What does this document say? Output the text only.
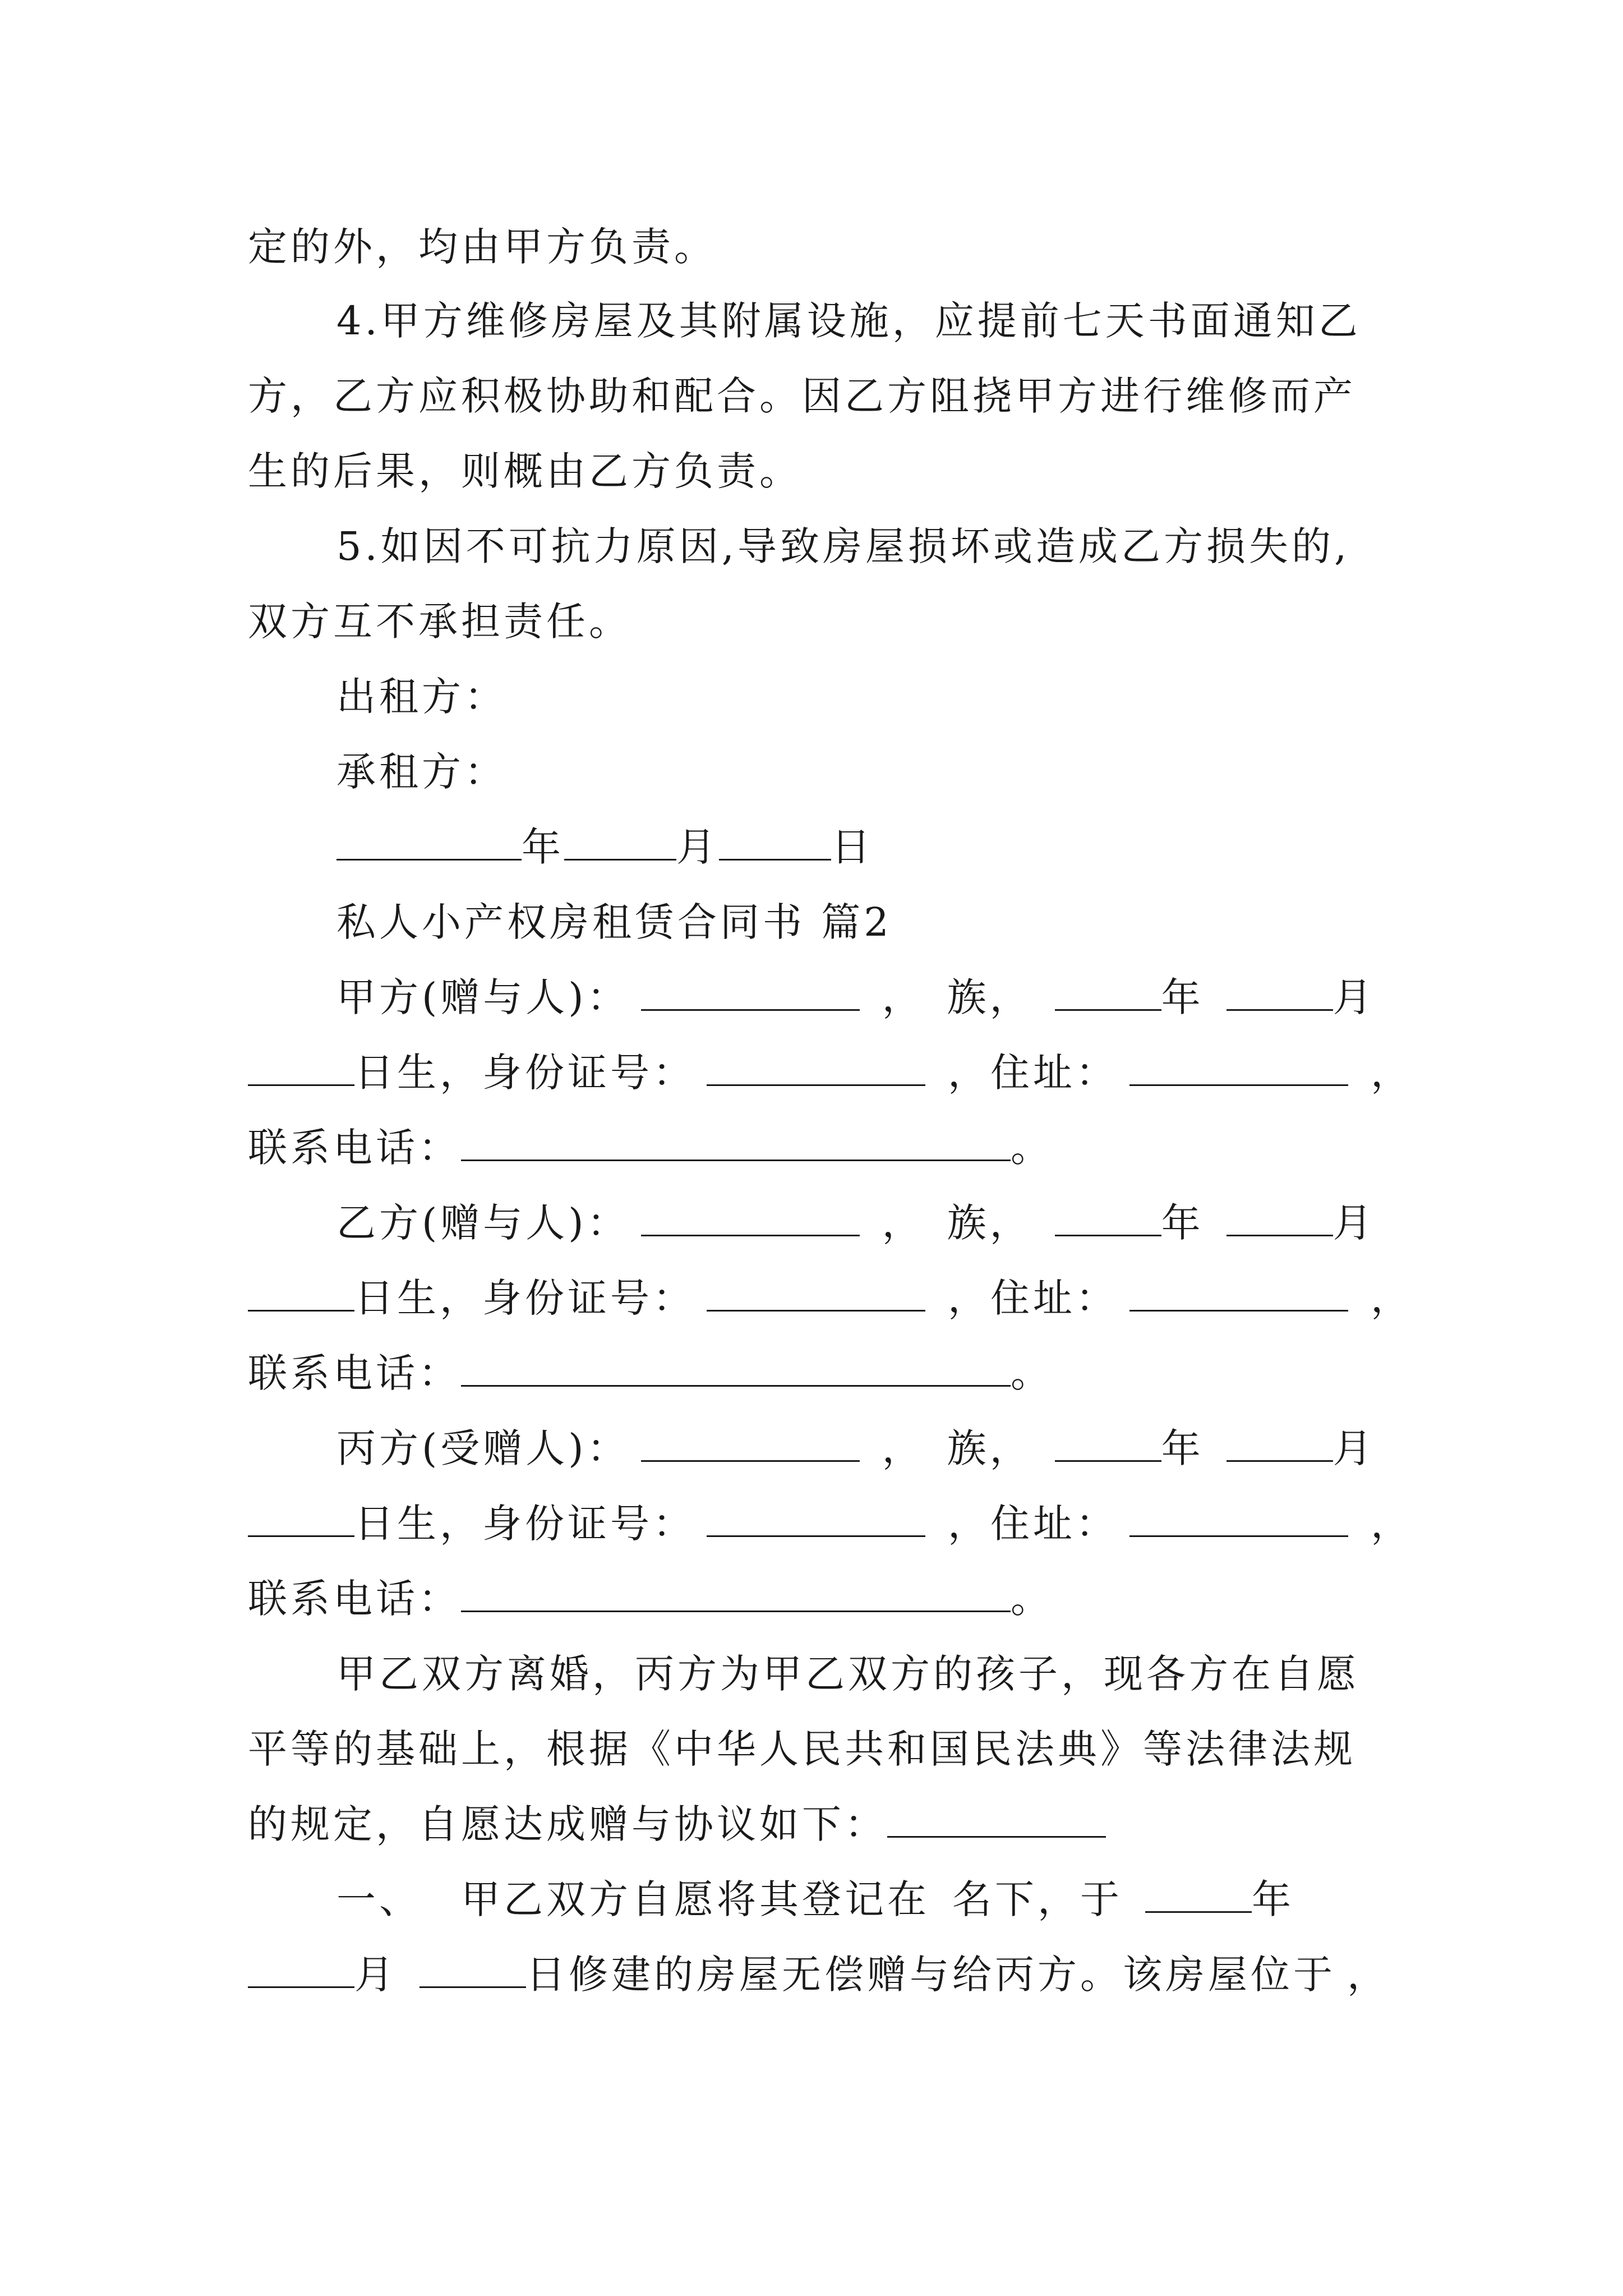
定的外，均由甲方负责。
4.甲方维修房屋及其附属设施，应提前七天书面通知乙
方，乙方应积极协助和配合。因乙方阻挠甲方进行维修而产
生的后果，则概由乙方负责。
5.如因不可抗力原因,导致房屋损坏或造成乙方损失的,
双方互不承担责任。
出租方：
承租方：
年	月	日
私人小产权房租赁合同书 篇2
甲方(赠与人)：	， 族，	年	月
日生，身份证号：	，住址：	，
联系电话：	。
乙方(赠与人)：	， 族，	年	月
日生，身份证号：	，住址：	，
联系电话：	。
丙方(受赠人)：	， 族，	年	月
日生，身份证号：	，住址：	，
联系电话：	。
甲乙双方离婚，丙方为甲乙双方的孩子，现各方在自愿
平等的基础上，根据《中华人民共和国民法典》等法律法规
的规定，自愿达成赠与协议如下：
一、 甲乙双方自愿将其登记在 名下，于	年
月	日修建的房屋无偿赠与给丙方。该房屋位于 ，
